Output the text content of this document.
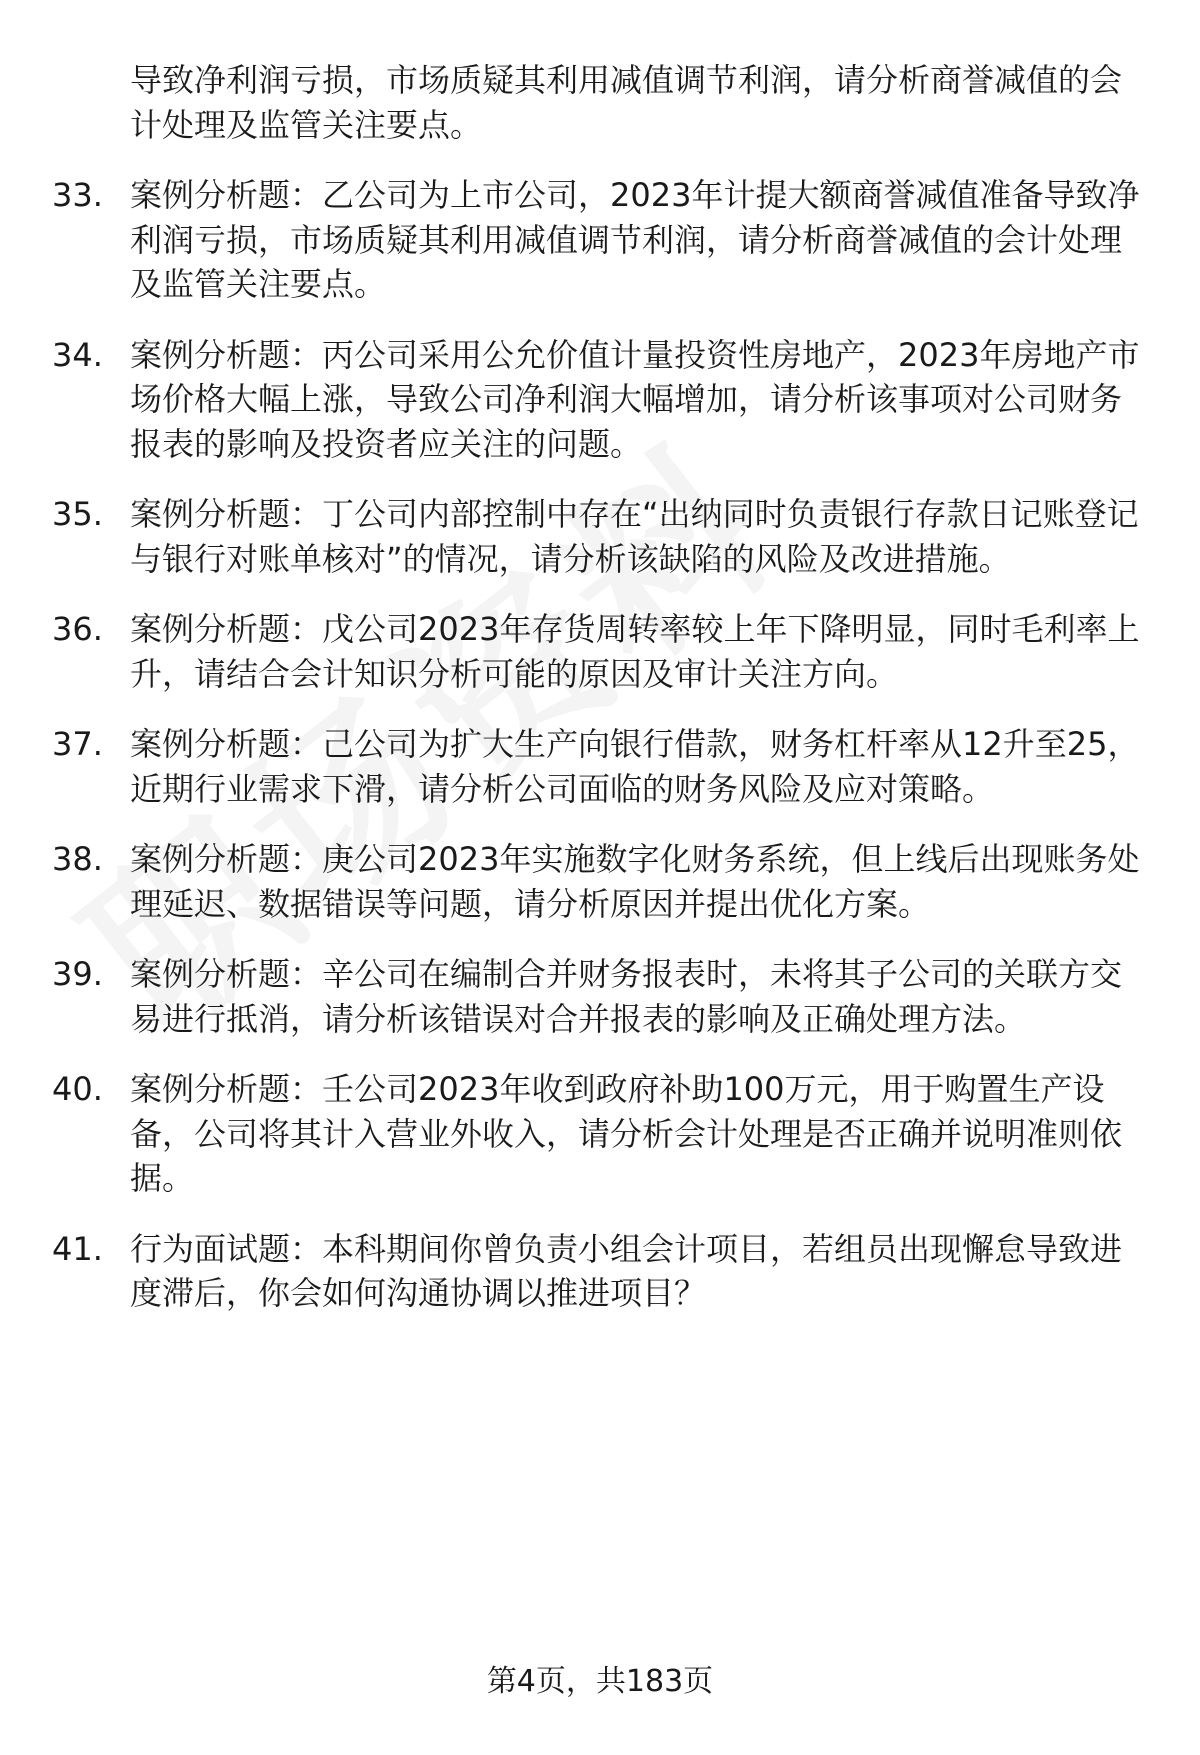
导致净利润亏损，市场质疑其利用减值调节利润，请分析商誉减值的会计处理及监管关注要点。
33. 案例分析题：乙公司为上市公司，2023年计提大额商誉减值准备导致净利润亏损，市场质疑其利用减值调节利润，请分析商誉减值的会计处理及监管关注要点。
34. 案例分析题：丙公司采用公允价值计量投资性房地产，2023年房地产市场价格大幅上涨，导致公司净利润大幅增加，请分析该事项对公司财务报表的影响及投资者应关注的问题。
35. 案例分析题：丁公司内部控制中存在“出纳同时负责银行存款日记账登记与银行对账单核对”的情况，请分析该缺陷的风险及改进措施。
36. 案例分析题：戊公司2023年存货周转率较上年下降明显，同时毛利率上升，请结合会计知识分析可能的原因及审计关注方向。
37. 案例分析题：己公司为扩大生产向银行借款，财务杠杆率从12升至25，近期行业需求下滑，请分析公司面临的财务风险及应对策略。
38. 案例分析题：庚公司2023年实施数字化财务系统，但上线后出现账务处理延迟、数据错误等问题，请分析原因并提出优化方案。
39. 案例分析题：辛公司在编制合并财务报表时，未将其子公司的关联方交易进行抵消，请分析该错误对合并报表的影响及正确处理方法。
40. 案例分析题：壬公司2023年收到政府补助100万元，用于购置生产设备，公司将其计入营业外收入，请分析会计处理是否正确并说明准则依据。
41. 行为面试题：本科期间你曾负责小组会计项目，若组员出现懈怠导致进度滞后，你会如何沟通协调以推进项目？
第4页，共183页
